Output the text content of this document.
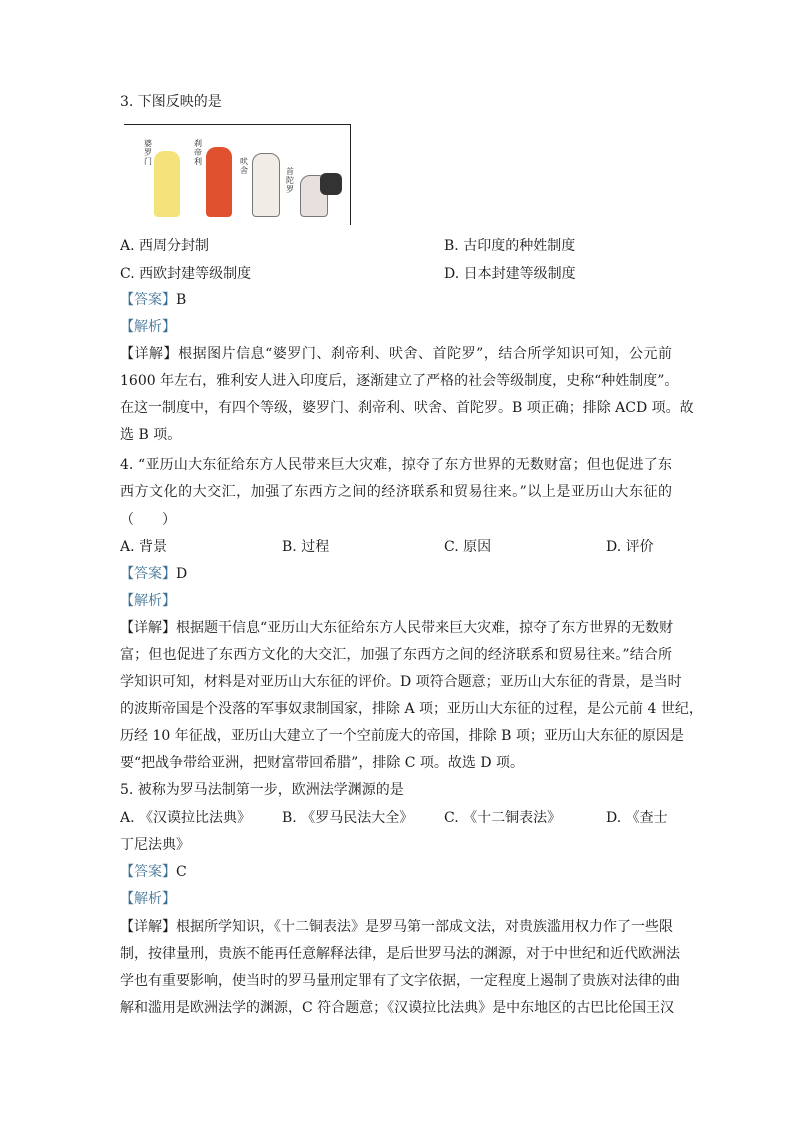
3. 下图反映的是
婆罗门
刹帝利	吠舍	首陀罗
A. 西周分封制	B. 古印度的种姓制度
C. 西欧封建等级制度	D. 日本封建等级制度
【答案】B
【解析】
【详解】根据图片信息“婆罗门、刹帝利、吠舍、首陀罗”，结合所学知识可知，公元前
1600 年左右，雅利安人进入印度后，逐渐建立了严格的社会等级制度，史称“种姓制度”。
在这一制度中，有四个等级，婆罗门、刹帝利、吠舍、首陀罗。B 项正确；排除 ACD 项。故
选 B 项。
4. “亚历山大东征给东方人民带来巨大灾难，掠夺了东方世界的无数财富；但也促进了东
西方文化的大交汇，加强了东西方之间的经济联系和贸易往来。”以上是亚历山大东征的
（　　）
A. 背景	B. 过程	C. 原因	D. 评价
【答案】D
【解析】
【详解】根据题干信息“亚历山大东征给东方人民带来巨大灾难，掠夺了东方世界的无数财
富；但也促进了东西方文化的大交汇，加强了东西方之间的经济联系和贸易往来。”结合所
学知识可知，材料是对亚历山大东征的评价。D 项符合题意；亚历山大东征的背景，是当时
的波斯帝国是个没落的军事奴隶制国家，排除 A 项；亚历山大东征的过程，是公元前 4 世纪，
历经 10 年征战，亚历山大建立了一个空前庞大的帝国，排除 B 项；亚历山大东征的原因是
要“把战争带给亚洲，把财富带回希腊”，排除 C 项。故选 D 项。
5. 被称为罗马法制第一步，欧洲法学渊源的是
A. 《汉谟拉比法典》 B. 《罗马民法大全》 C. 《十二铜表法》	D. 《查士
丁尼法典》
【答案】C
【解析】
【详解】根据所学知识，《十二铜表法》是罗马第一部成文法，对贵族滥用权力作了一些限
制，按律量刑，贵族不能再任意解释法律，是后世罗马法的渊源，对于中世纪和近代欧洲法
学也有重要影响，使当时的罗马量刑定罪有了文字依据，一定程度上遏制了贵族对法律的曲
解和滥用是欧洲法学的渊源，C 符合题意；《汉谟拉比法典》是中东地区的古巴比伦国王汉
